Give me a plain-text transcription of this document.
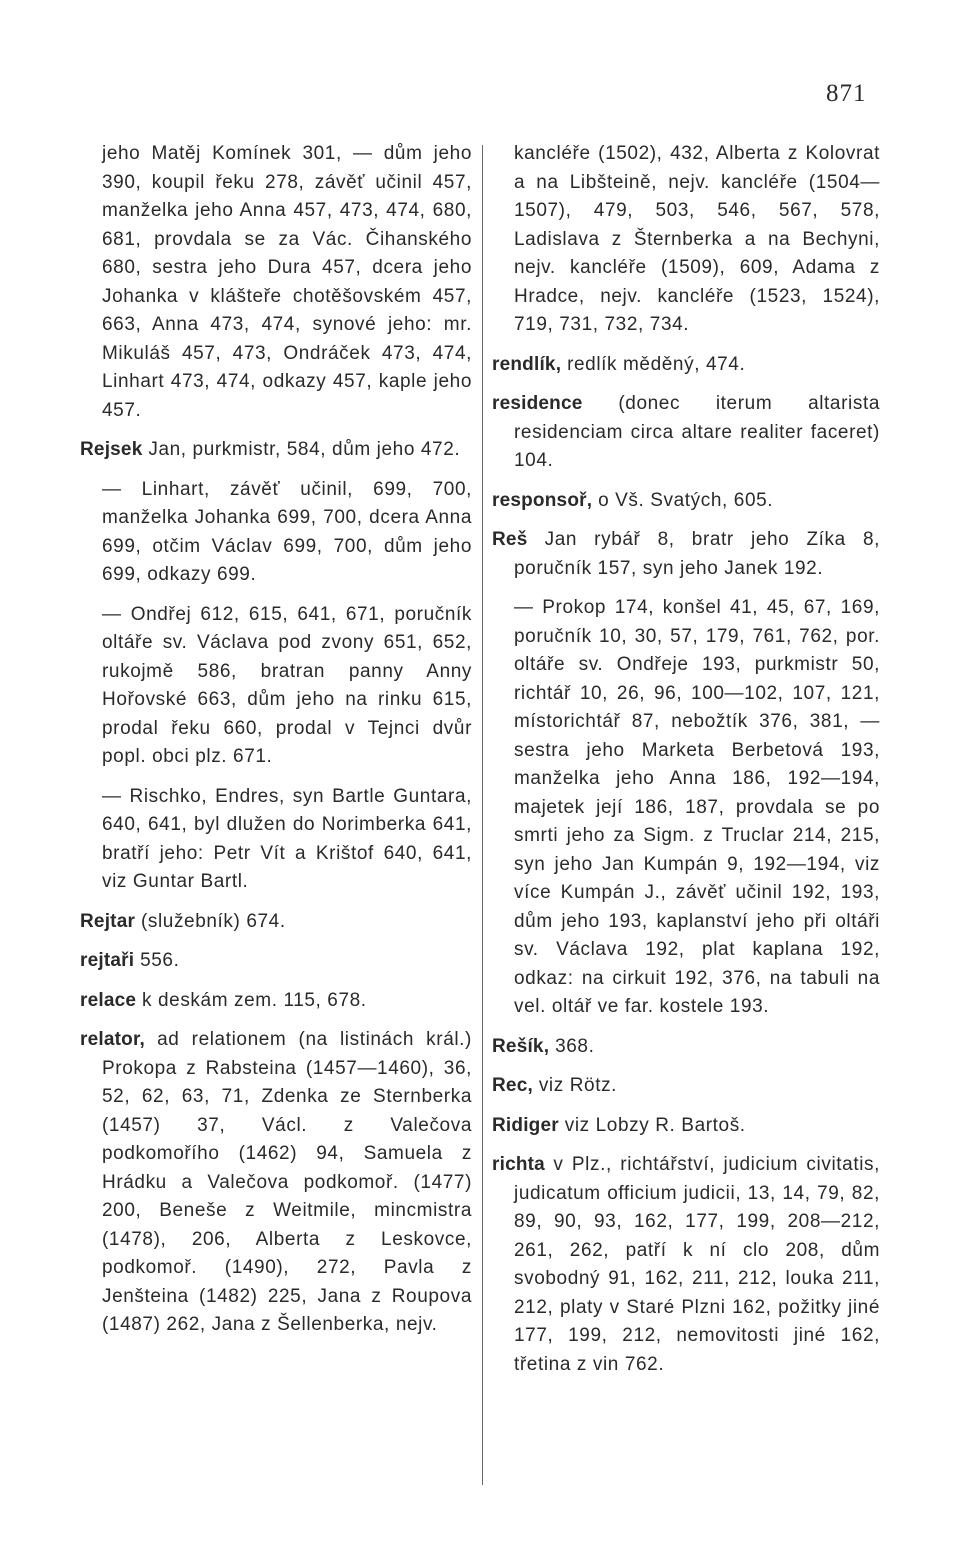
871

jeho Matěj Komínek 301, — dům jeho 390, koupil řeku 278, závěť učinil 457, manželka jeho Anna 457, 473, 474, 680, 681, provdala se za Vác. Čihanského 680, sestra jeho Dura 457, dcera jeho Johanka v klášteře chotěšovském 457, 663, Anna 473, 474, synové jeho: mr. Mikuláš 457, 473, Ondráček 473, 474, Linhart 473, 474, odkazy 457, kaple jeho 457.

Rejsek Jan, purkmistr, 584, dům jeho 472.

— Linhart, závěť učinil, 699, 700, manželka Johanka 699, 700, dcera Anna 699, otčim Václav 699, 700, dům jeho 699, odkazy 699.

— Ondřej 612, 615, 641, 671, poručník oltáře sv. Václava pod zvony 651, 652, rukojmě 586, bratran panny Anny Hořovské 663, dům jeho na rinku 615, prodal řeku 660, prodal v Tejnci dvůr popl. obci plz. 671.

— Rischko, Endres, syn Bartle Guntara, 640, 641, byl dlužen do Norimberka 641, bratří jeho: Petr Vít a Krištof 640, 641, viz Guntar Bartl.

Rejtar (služebník) 674.

rejtaři 556.

relace k deskám zem. 115, 678.

relator, ad relationem (na listinách král.) Prokopa z Rabsteina (1457—1460), 36, 52, 62, 63, 71, Zdenka ze Sternberka (1457) 37, Václ. z Valečova podkomořího (1462) 94, Samuela z Hrádku a Valečova podkomoř. (1477) 200, Beneše z Weitmile, mincmistra (1478), 206, Alberta z Leskovce, podkomoř. (1490), 272, Pavla z Jenšteina (1482) 225, Jana z Roupova (1487) 262, Jana z Šellenberka, nejv.

kancléře (1502), 432, Alberta z Kolovrat a na Libšteině, nejv. kancléře (1504—1507), 479, 503, 546, 567, 578, Ladislava z Šternberka a na Bechyni, nejv. kancléře (1509), 609, Adama z Hradce, nejv. kancléře (1523, 1524), 719, 731, 732, 734.

rendlík, redlík měděný, 474.

residence (donec iterum altarista residenciam circa altare realiter faceret) 104.

responsoř, o Vš. Svatých, 605.

Reš Jan rybář 8, bratr jeho Zíka 8, poručník 157, syn jeho Janek 192.

— Prokop 174, konšel 41, 45, 67, 169, poručník 10, 30, 57, 179, 761, 762, por. oltáře sv. Ondřeje 193, purkmistr 50, richtář 10, 26, 96, 100—102, 107, 121, místorichtář 87, nebožtík 376, 381, — sestra jeho Marketa Berbetová 193, manželka jeho Anna 186, 192—194, majetek její 186, 187, provdala se po smrti jeho za Sigm. z Truclar 214, 215, syn jeho Jan Kumpán 9, 192—194, viz více Kumpán J., závěť učinil 192, 193, dům jeho 193, kaplanství jeho při oltáři sv. Václava 192, plat kaplana 192, odkaz: na cirkuit 192, 376, na tabuli na vel. oltář ve far. kostele 193.

Rešík, 368.

Rec, viz Rötz.

Ridiger viz Lobzy R. Bartoš.

richta v Plz., richtářství, judicium civitatis, judicatum officium judicii, 13, 14, 79, 82, 89, 90, 93, 162, 177, 199, 208—212, 261, 262, patří k ní clo 208, dům svobodný 91, 162, 211, 212, louka 211, 212, platy v Staré Plzni 162, požitky jiné 177, 199, 212, nemovitosti jiné 162, třetina z vin 762.
